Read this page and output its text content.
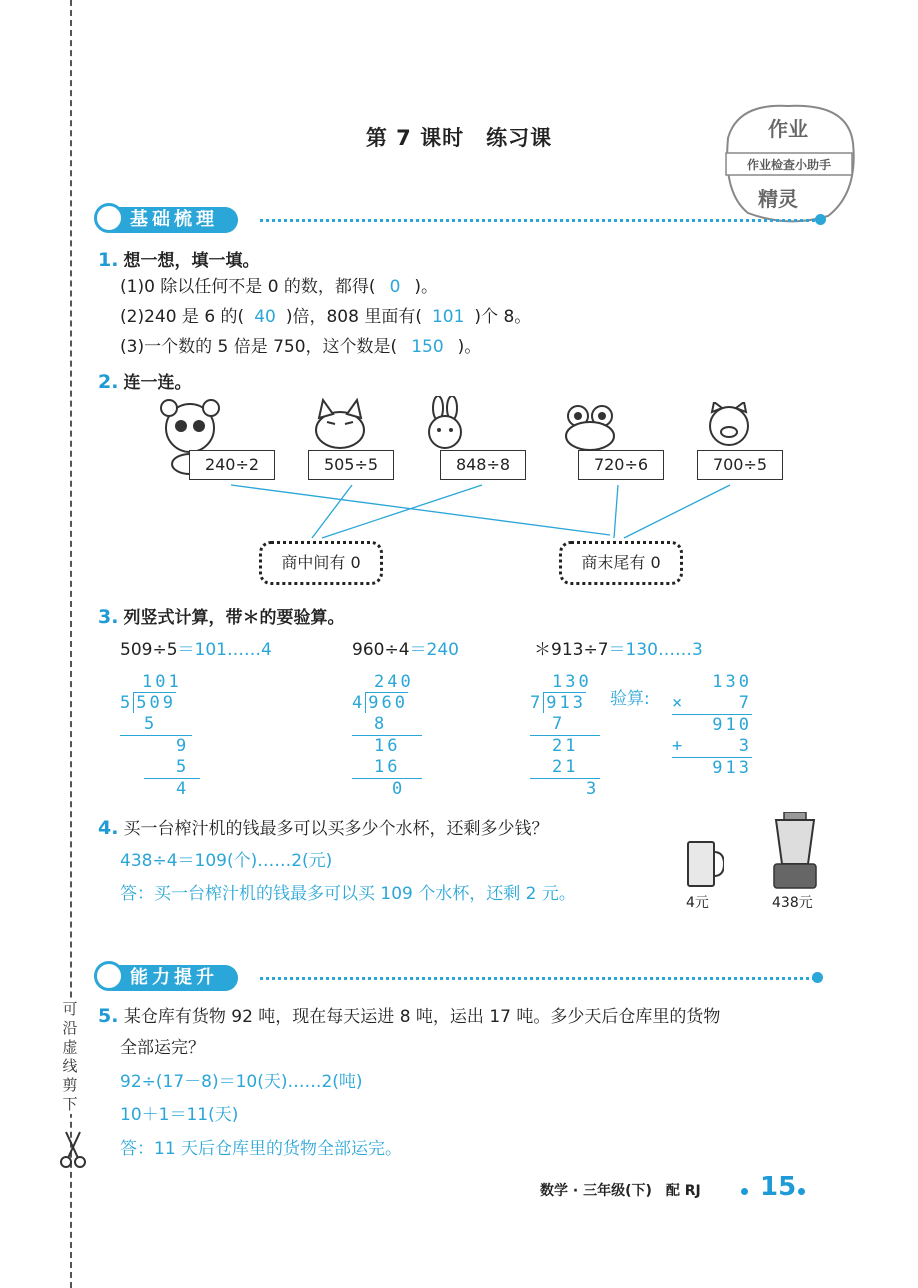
可沿虚线剪下
第 7 课时　练习课	作业
作业检查小助手
精灵
基础梳理
1. 想一想，填一填。
(1)0 除以任何不是 0 的数，都得( 0 )。
(2)240 是 6 的( 40 )倍，808 里面有( 101 )个 8。
(3)一个数的 5 倍是 750，这个数是( 150 )。
2. 连一连。
240÷2	505÷5	848÷8	720÷6	700÷5
商中间有 0	商末尾有 0
3. 列竖式计算，带＊的要验算。
509÷5＝101……4	960÷4＝240	＊913÷7＝130……3
101
5 509
5
9
5
4
240
4 960
8
16
16
0
130
7 913
7
21
21
3
验算:
130
×	7
910
+	3
913
4. 买一台榨汁机的钱最多可以买多少个水杯，还剩多少钱？
438÷4＝109(个)……2(元)
答：买一台榨汁机的钱最多可以买 109 个水杯，还剩 2 元。	4元	438元
能力提升
5. 某仓库有货物 92 吨，现在每天运进 8 吨，运出 17 吨。多少天后仓库里的货物
全部运完？
92÷(17－8)＝10(天)……2(吨)
10＋1＝11(天)
答：11 天后仓库里的货物全部运完。
数学 · 三年级(下)　配 RJ 15
